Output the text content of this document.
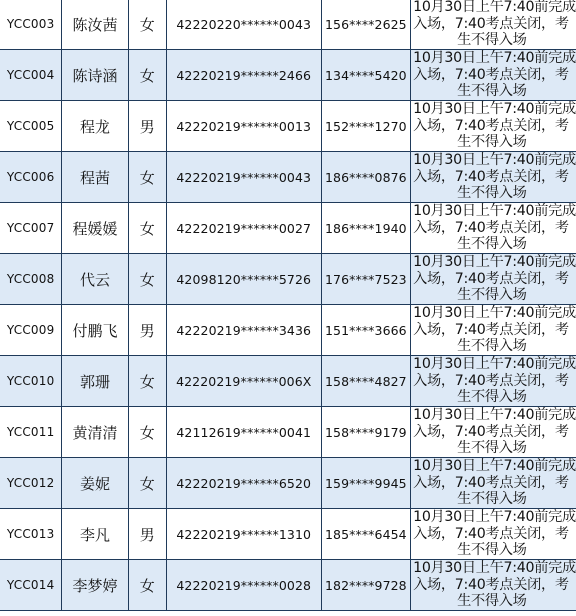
YCC003	陈汝茜	女	42220220******0043	156****2625	10月30日上午7:40前完成
入场，7:40考点关闭，考
生不得入场

YCC004	陈诗涵	女	42220219******2466	134****5420	10月30日上午7:40前完成
入场，7:40考点关闭，考
生不得入场

YCC005	程龙	男	42220219******0013	152****1270	10月30日上午7:40前完成
入场，7:40考点关闭，考
生不得入场

YCC006	程茜	女	42220219******0043	186****0876	10月30日上午7:40前完成
入场，7:40考点关闭，考
生不得入场

YCC007	程媛媛	女	42220219******0027	186****1940	10月30日上午7:40前完成
入场，7:40考点关闭，考
生不得入场

YCC008	代云	女	42098120******5726	176****7523	10月30日上午7:40前完成
入场，7:40考点关闭，考
生不得入场

YCC009	付鹏飞	男	42220219******3436	151****3666	10月30日上午7:40前完成
入场，7:40考点关闭，考
生不得入场

YCC010	郭珊	女	42220219******006X	158****4827	10月30日上午7:40前完成
入场，7:40考点关闭，考
生不得入场

YCC011	黄清清	女	42112619******0041	158****9179	10月30日上午7:40前完成
入场，7:40考点关闭，考
生不得入场

YCC012	姜妮	女	42220219******6520	159****9945	10月30日上午7:40前完成
入场，7:40考点关闭，考
生不得入场

YCC013	李凡	男	42220219******1310	185****6454	10月30日上午7:40前完成
入场，7:40考点关闭，考
生不得入场

YCC014	李梦婷	女	42220219******0028	182****9728	10月30日上午7:40前完成
入场，7:40考点关闭，考
生不得入场
